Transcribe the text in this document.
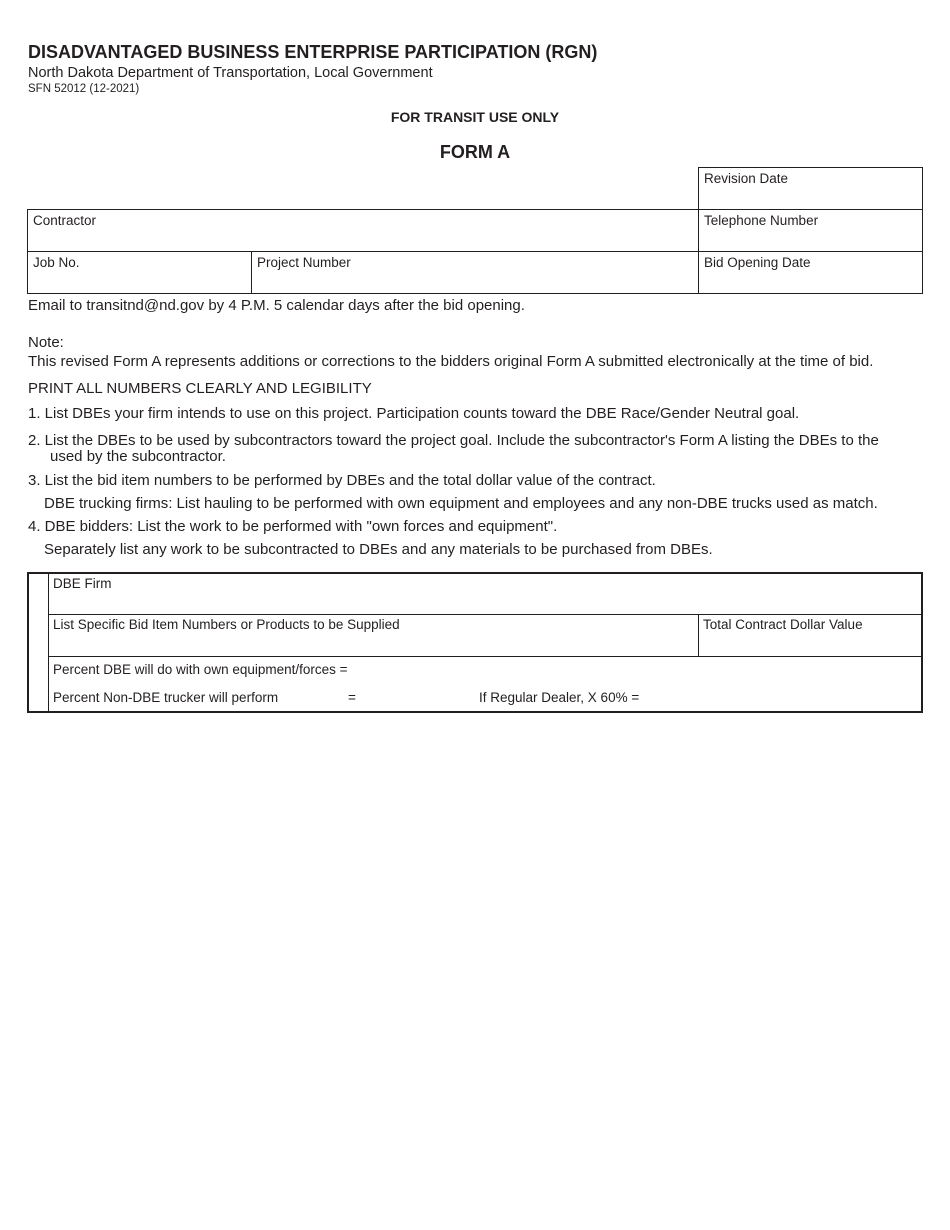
DISADVANTAGED BUSINESS ENTERPRISE PARTICIPATION (RGN)
North Dakota Department of Transportation, Local Government
SFN 52012 (12-2021)
FOR TRANSIT USE ONLY
FORM A
Revision Date
Contractor	Telephone Number
Job No.	Project Number	Bid Opening Date
Email to transitnd@nd.gov by 4 P.M. 5 calendar days after the bid opening.
Note:
This revised Form A represents additions or corrections to the bidders original Form A submitted electronically at the time of bid.
PRINT ALL NUMBERS CLEARLY AND LEGIBILITY
1. List DBEs your firm intends to use on this project. Participation counts toward the DBE Race/Gender Neutral goal.
2. List the DBEs to be used by subcontractors toward the project goal. Include the subcontractor's Form A listing the DBEs to the
used by the subcontractor.
3. List the bid item numbers to be performed by DBEs and the total dollar value of the contract.
DBE trucking firms: List hauling to be performed with own equipment and employees and any non-DBE trucks used as match.
4. DBE bidders: List the work to be performed with "own forces and equipment".
Separately list any work to be subcontracted to DBEs and any materials to be purchased from DBEs.
DBE Firm
List Specific Bid Item Numbers or Products to be Supplied	Total Contract Dollar Value
Percent DBE will do with own equipment/forces =
Percent Non-DBE trucker will perform	=	If Regular Dealer, X 60% =
